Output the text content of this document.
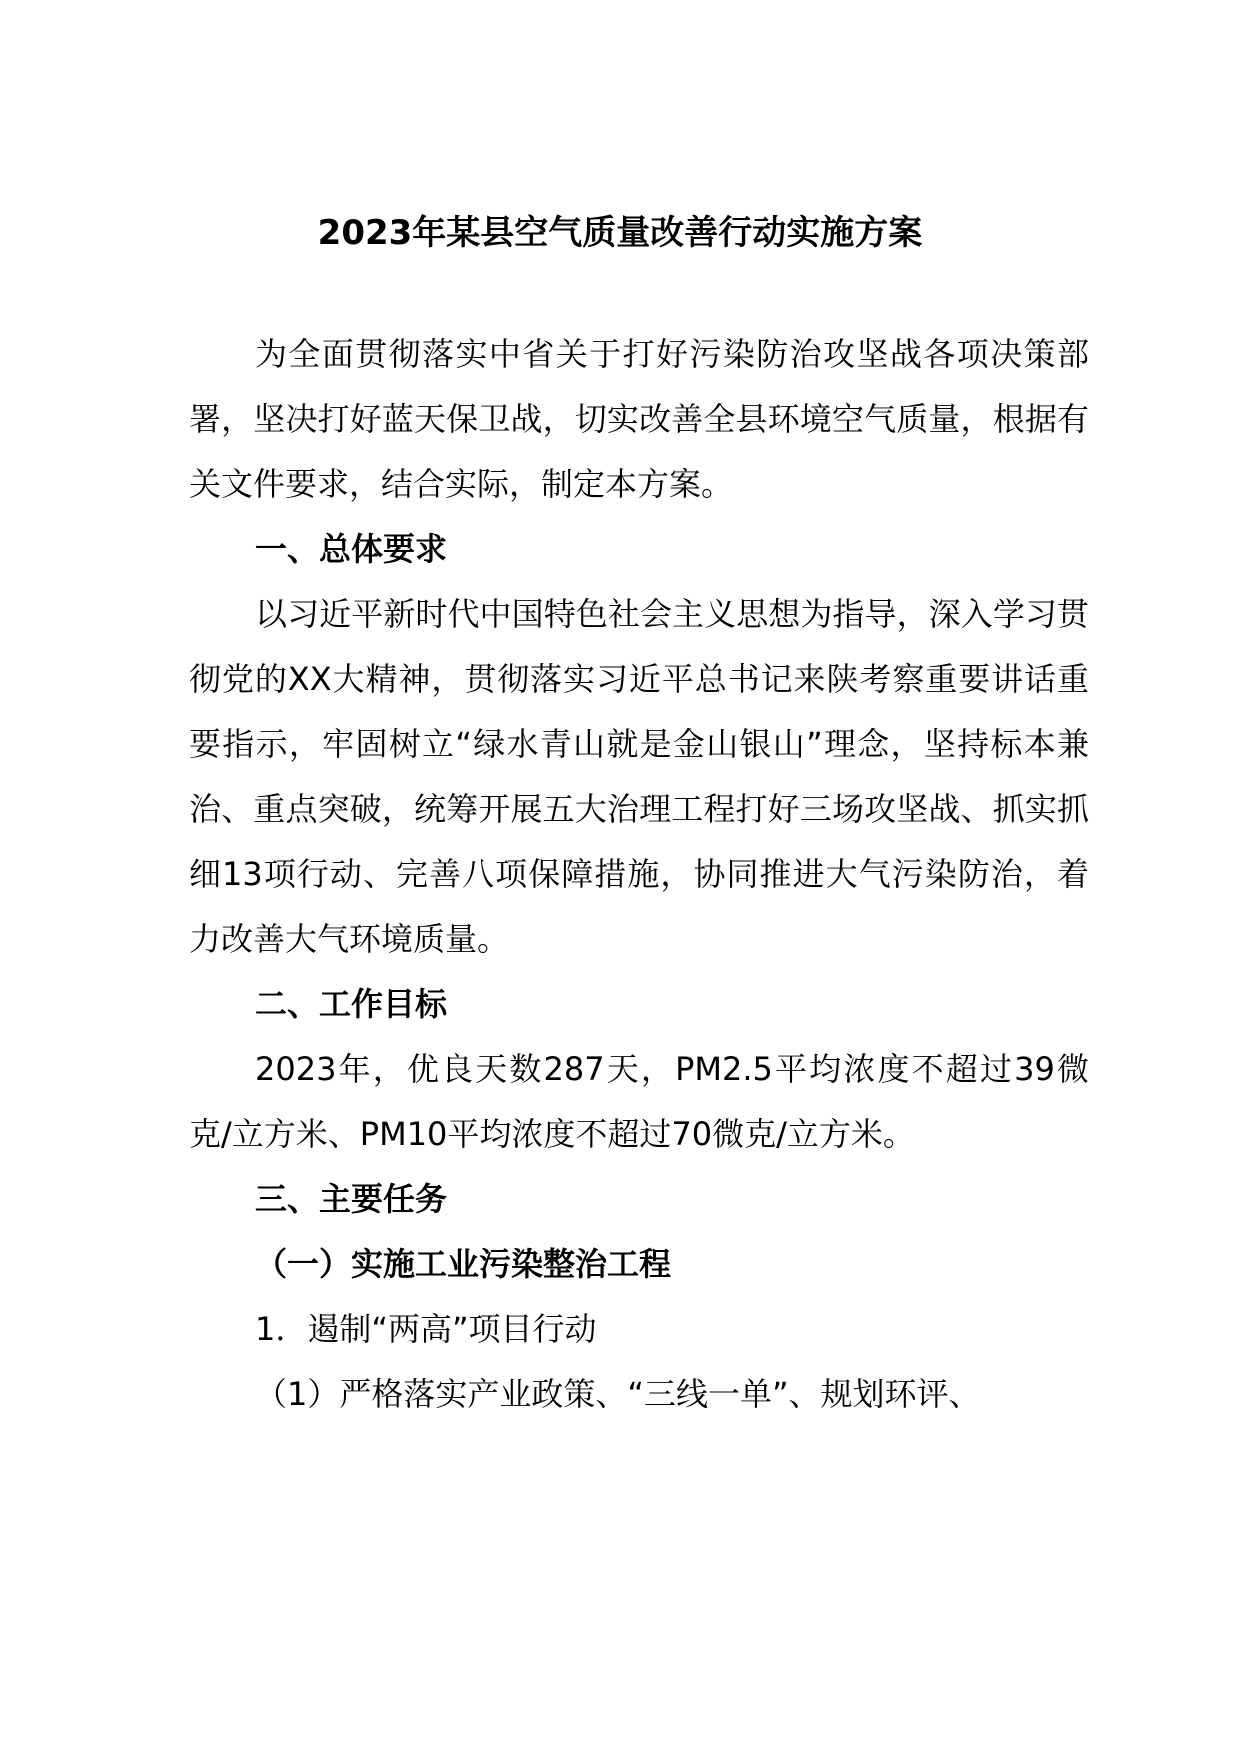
2023年某县空气质量改善行动实施方案

为全面贯彻落实中省关于打好污染防治攻坚战各项决策部署，坚决打好蓝天保卫战，切实改善全县环境空气质量，根据有关文件要求，结合实际，制定本方案。

一、总体要求

以习近平新时代中国特色社会主义思想为指导，深入学习贯彻党的XX大精神，贯彻落实习近平总书记来陕考察重要讲话重要指示，牢固树立“绿水青山就是金山银山”理念，坚持标本兼治、重点突破，统筹开展五大治理工程打好三场攻坚战、抓实抓细13项行动、完善八项保障措施，协同推进大气污染防治，着力改善大气环境质量。

二、工作目标

2023年，优良天数287天，PM2.5平均浓度不超过39微克/立方米、PM10平均浓度不超过70微克/立方米。

三、主要任务

（一）实施工业污染整治工程

1．遏制“两高”项目行动

（1）严格落实产业政策、“三线一单”、规划环评、
